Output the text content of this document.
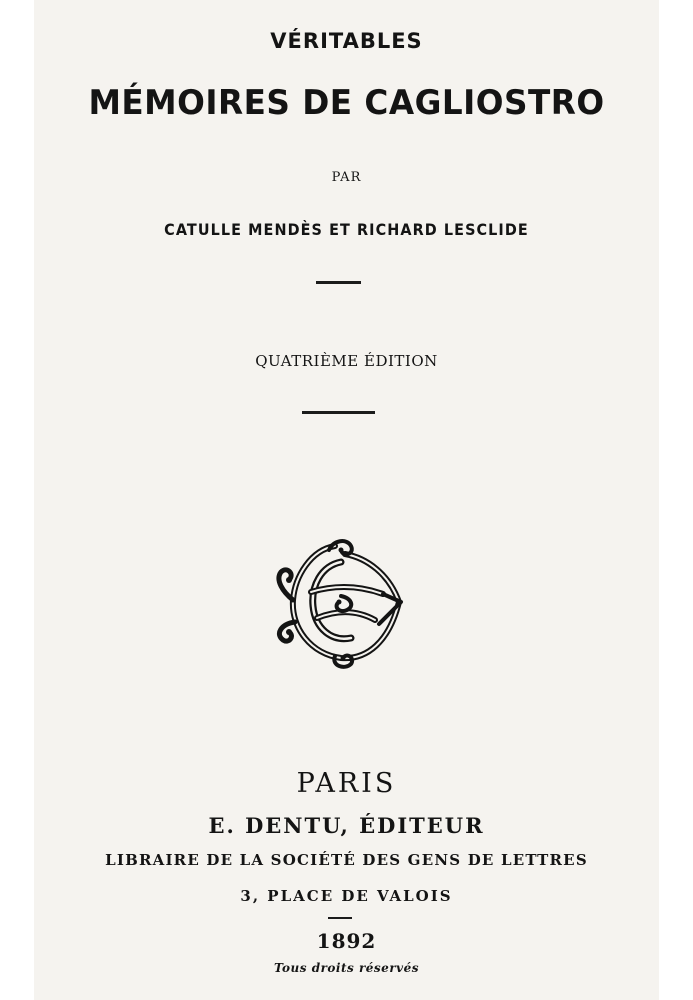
VÉRITABLES
MÉMOIRES DE CAGLIOSTRO
PAR
CATULLE MENDÈS ET RICHARD LESCLIDE
QUATRIÈME ÉDITION
PARIS
E. DENTU, ÉDITEUR
LIBRAIRE DE LA SOCIÉTÉ DES GENS DE LETTRES
3, PLACE DE VALOIS
1892
Tous droits réservés
